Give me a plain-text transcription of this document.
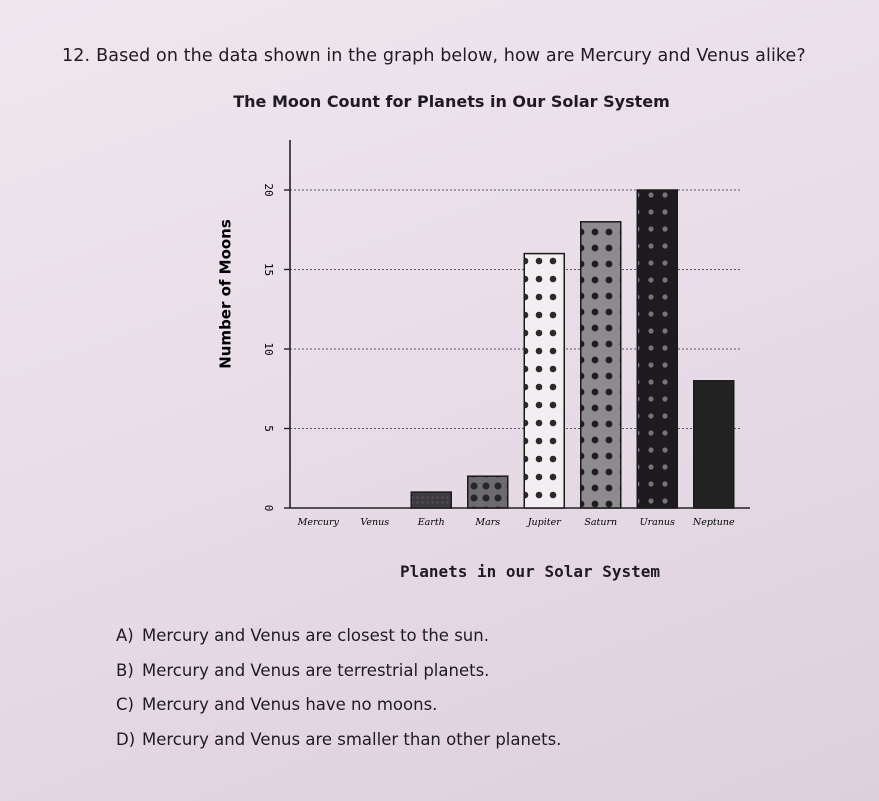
12. Based on the data shown in the graph below, how are Mercury and Venus alike?
The Moon Count for Planets in Our Solar System
0
5
10
15
20
Number of Moons
Mercury Venus	Earth	Mars	Jupiter Saturn Uranus Neptune
Planets in our Solar System
A) Mercury and Venus are closest to the sun.
B) Mercury and Venus are terrestrial planets.
C) Mercury and Venus have no moons.
D) Mercury and Venus are smaller than other planets.
